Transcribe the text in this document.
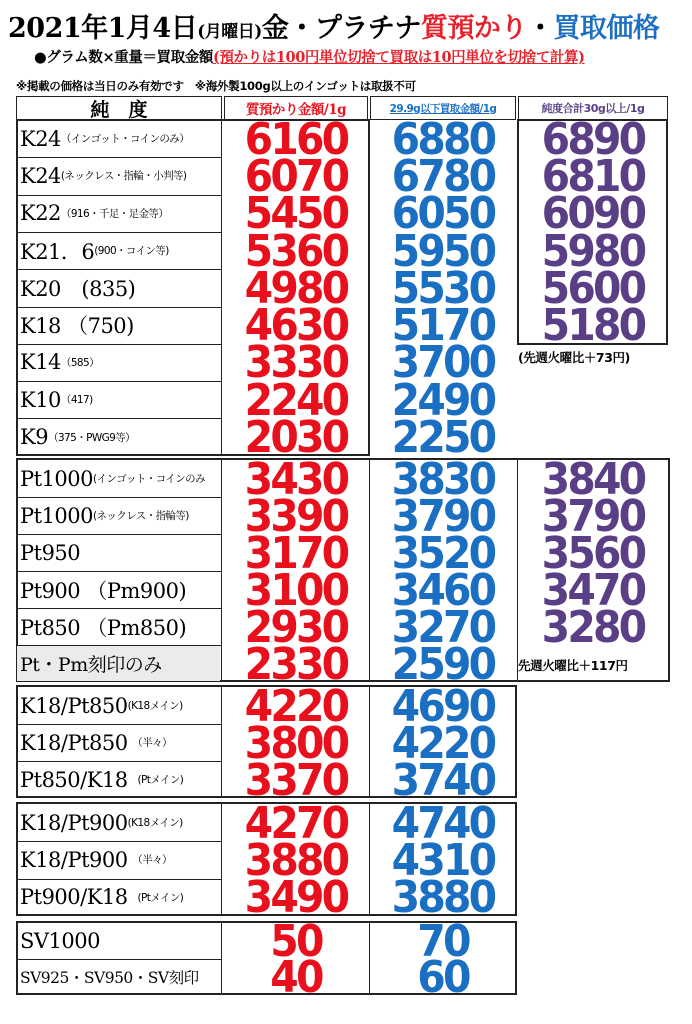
2021年1月4日(月曜日)金・プラチナ質預かり・買取価格
●グラム数×重量＝買取金額(預かりは100円単位切捨て買取は10円単位を切捨て計算)
※掲載の価格は当日のみ有効です　※海外製100g以上のインゴットは取扱不可
純　度	質預かり金額/1g	29.9g以下買取金額/1g	純度合計30g以上/1g
(先週火曜比＋73円)
先週火曜比＋117円
K24 （インゴット・コインのみ）	6160	6880	6890
K24 (ネックレス・指輪・小判等)	6070	6780	6810
K22 （916・千足・足金等）	5450	6050	6090
K21．6 (900・コイン等)	5360	5950	5980
K20　(835)	4980	5530	5600
K18 （750)	4630	5170	5180
K14 （585）	3330	3700
K10 （417)	2240	2490
K9 （375・PWG9等）	2030	2250
Pt1000 (インゴット・コインのみ 3430	3830	3840
Pt1000 (ネックレス・指輪等)	3390	3790	3790
Pt950	3170	3520	3560
Pt900 （Pm900)	3100	3460	3470
Pt850 （Pm850)	2930	3270	3280
Pt・Pm刻印のみ	2330	2590
K18/Pt850 (K18メイン)	4220	4690
K18/Pt850 　（半々）	3800	4220
Pt850/K18 　(Ptメイン)	3370	3740
K18/Pt900 (K18メイン)	4270	4740
K18/Pt900 　（半々）	3880	4310
Pt900/K18 　(Ptメイン)	3490	3880
SV1000	50	70
SV925・SV950・SV刻印	40	60
